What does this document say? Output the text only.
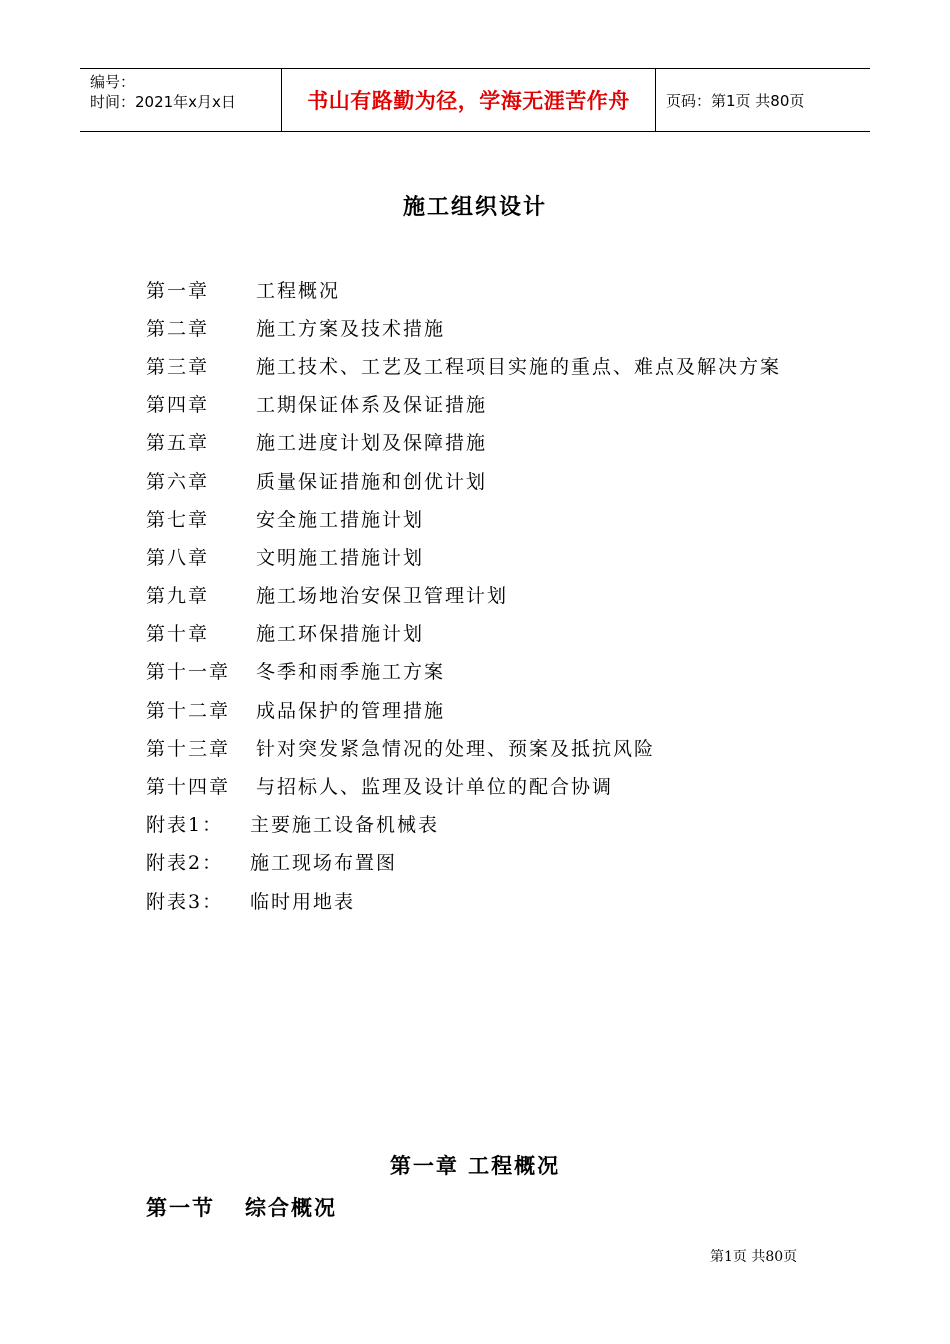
编号：
时间：2021年x月x日	书山有路勤为径，学海无涯苦作舟	页码：第1页 共80页
施工组织设计
第一章	工程概况
第二章	施工方案及技术措施
第三章	施工技术、工艺及工程项目实施的重点、难点及解决方案
第四章	工期保证体系及保证措施
第五章	施工进度计划及保障措施
第六章	质量保证措施和创优计划
第七章	安全施工措施计划
第八章	文明施工措施计划
第九章	施工场地治安保卫管理计划
第十章	施工环保措施计划
第十一章	冬季和雨季施工方案
第十二章	成品保护的管理措施
第十三章	针对突发紧急情况的处理、预案及抵抗风险
第十四章	与招标人、监理及设计单位的配合协调
附表1：	主要施工设备机械表
附表2：	施工现场布置图
附表3：	临时用地表
第一章 工程概况
第一节 综合概况
第1页 共80页
